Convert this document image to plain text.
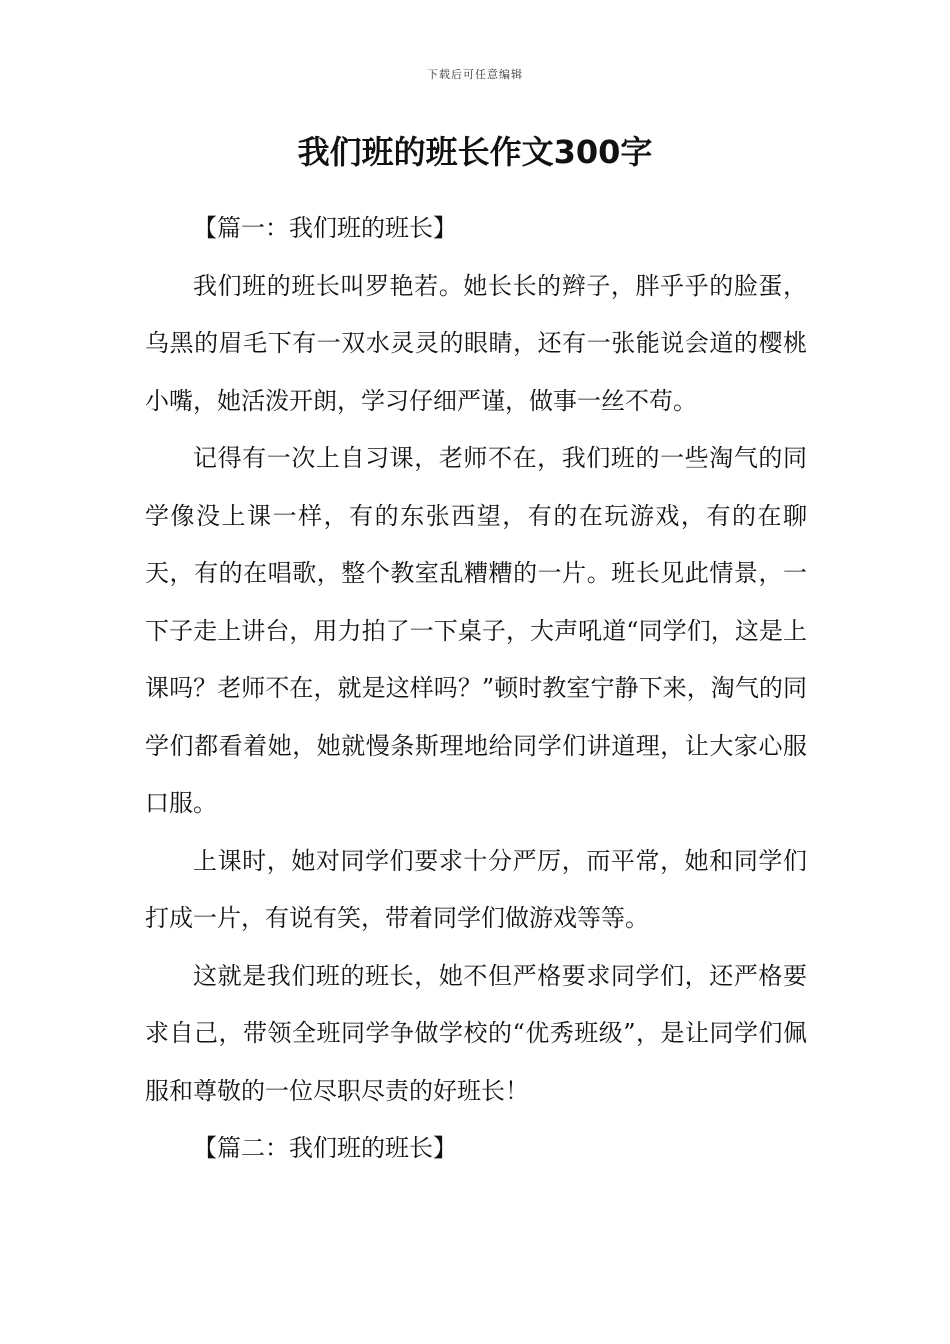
下载后可任意编辑
我们班的班长作文300字

【篇一：我们班的班长】

我们班的班长叫罗艳若。她长长的辫子，胖乎乎的脸蛋，乌黑的眉毛下有一双水灵灵的眼睛，还有一张能说会道的樱桃小嘴，她活泼开朗，学习仔细严谨，做事一丝不苟。

记得有一次上自习课，老师不在，我们班的一些淘气的同学像没上课一样，有的东张西望，有的在玩游戏，有的在聊天，有的在唱歌，整个教室乱糟糟的一片。班长见此情景，一下子走上讲台，用力拍了一下桌子，大声吼道“同学们，这是上课吗？老师不在，就是这样吗？”顿时教室宁静下来，淘气的同学们都看着她，她就慢条斯理地给同学们讲道理，让大家心服口服。

上课时，她对同学们要求十分严厉，而平常，她和同学们打成一片，有说有笑，带着同学们做游戏等等。

这就是我们班的班长，她不但严格要求同学们，还严格要求自己，带领全班同学争做学校的“优秀班级”，是让同学们佩服和尊敬的一位尽职尽责的好班长！

【篇二：我们班的班长】
